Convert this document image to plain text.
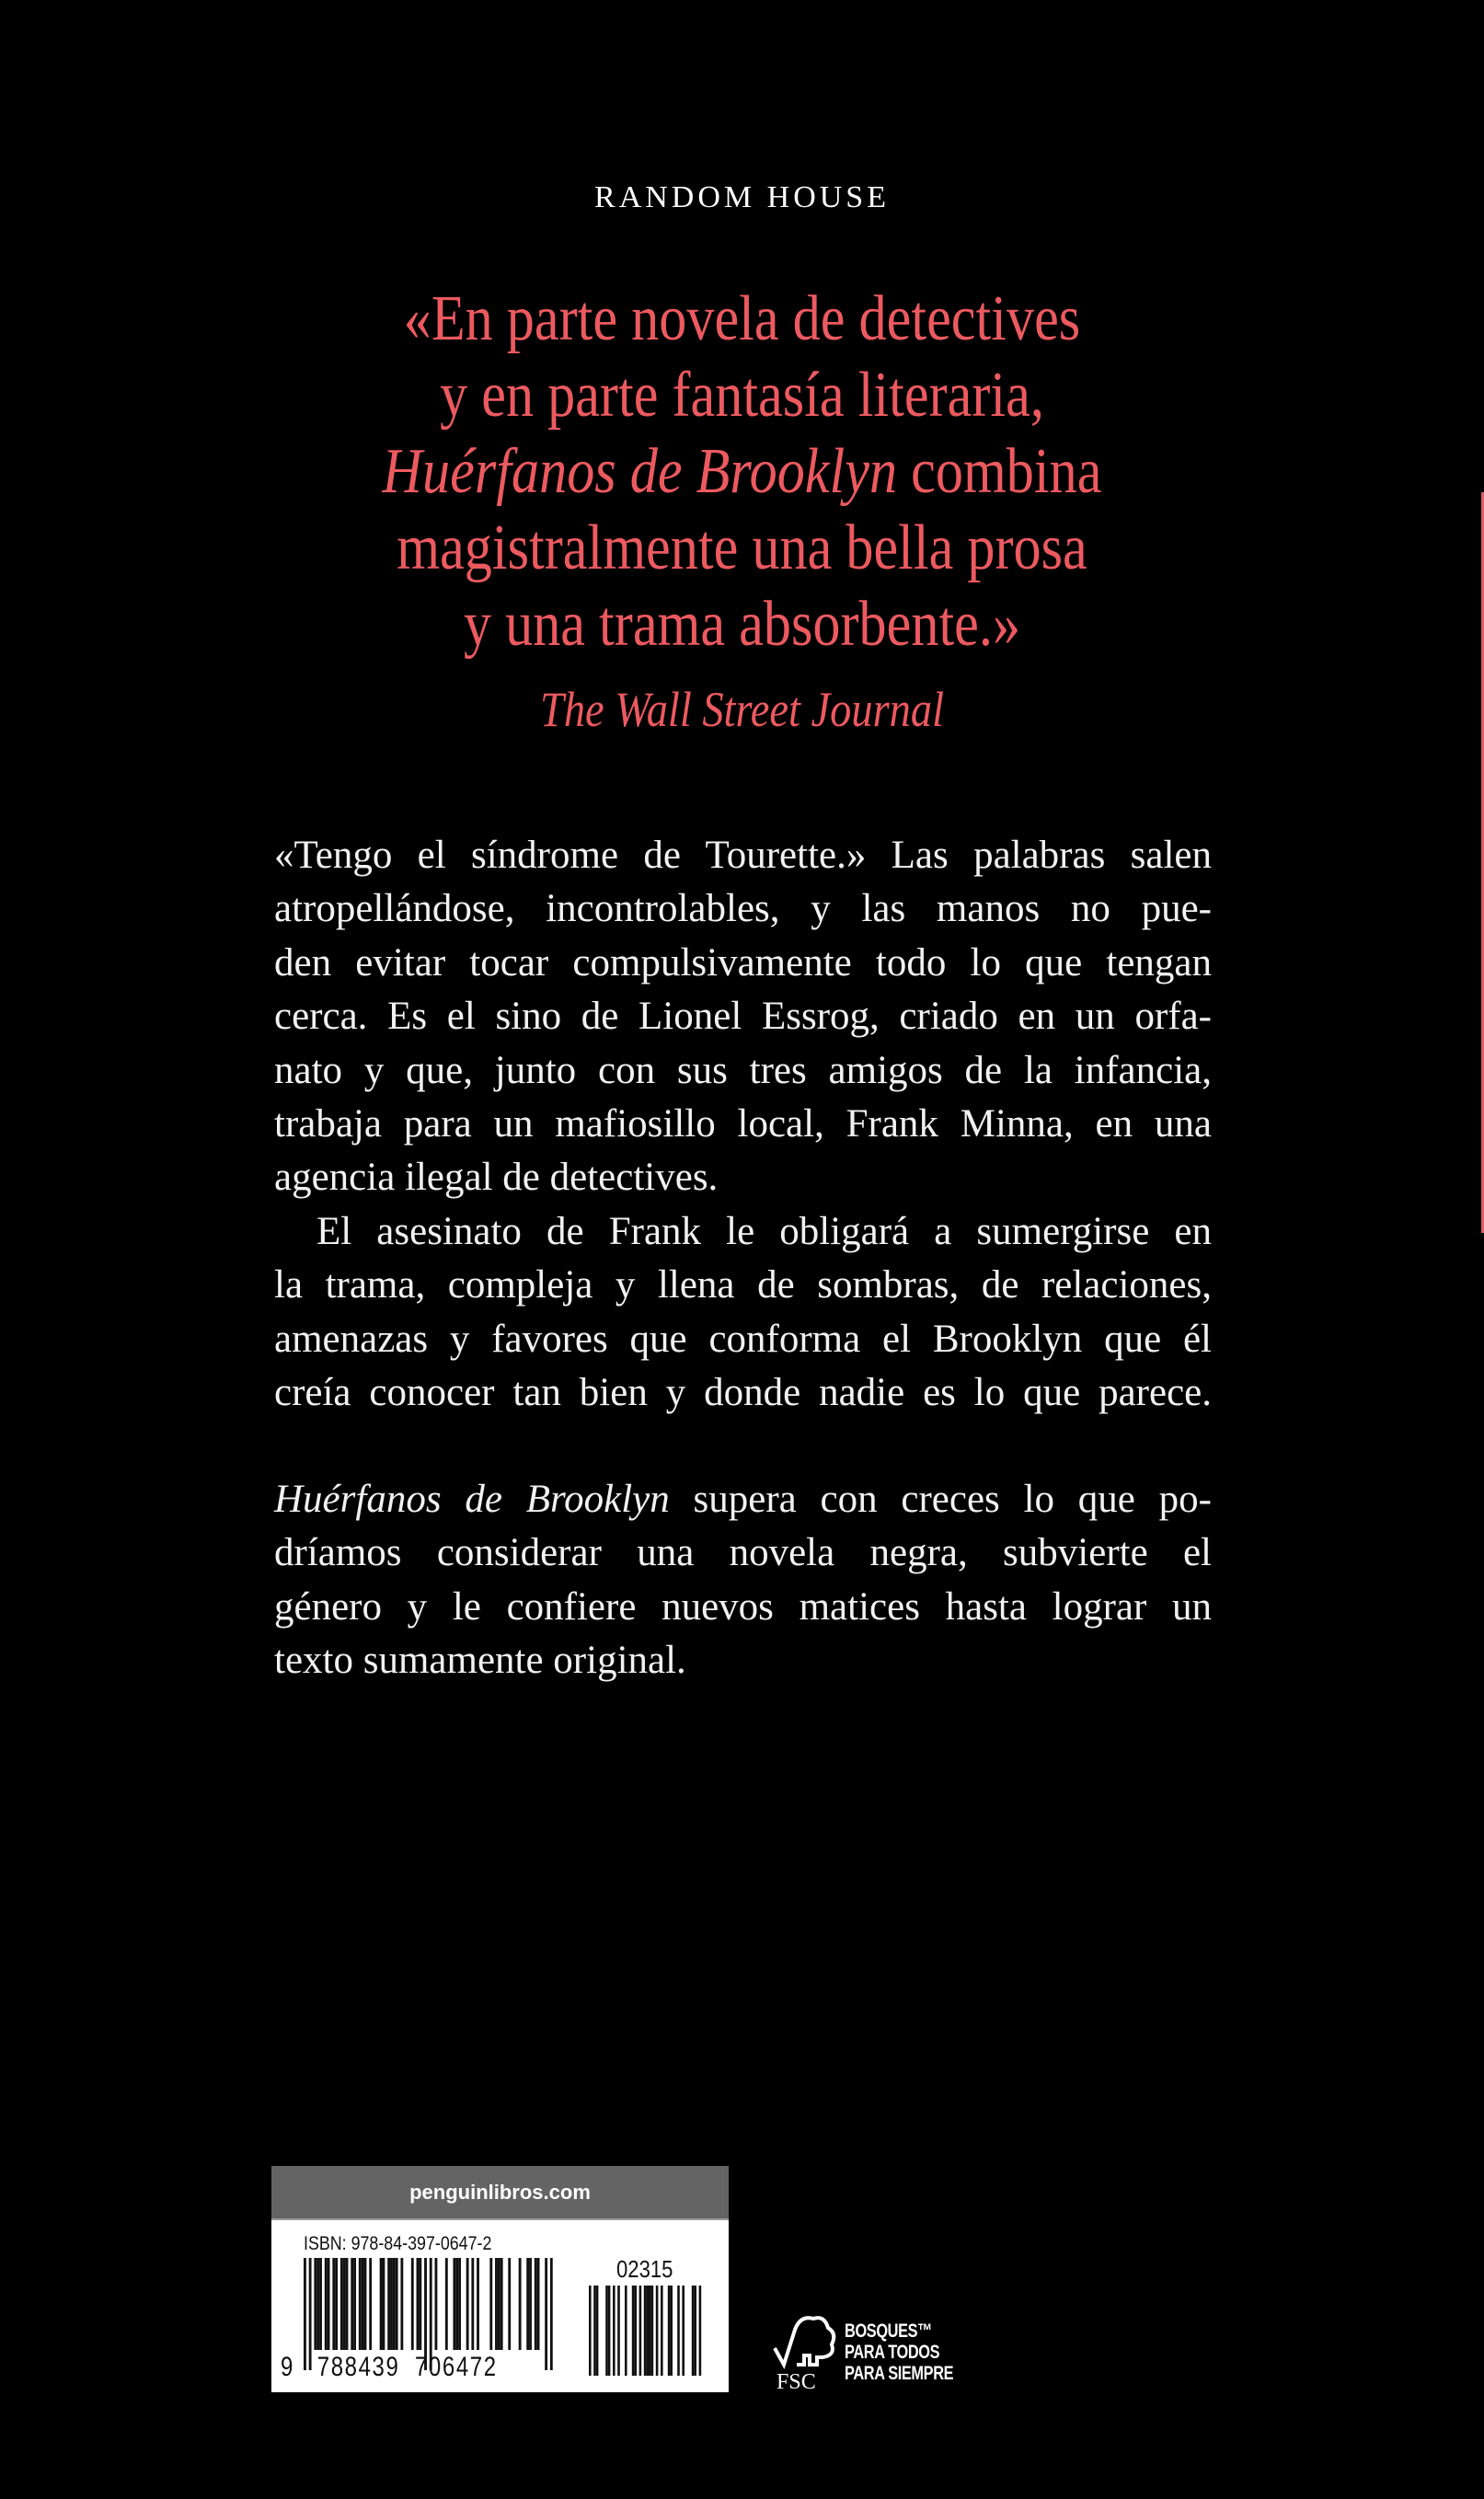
RANDOM HOUSE
«En parte novela de detectives
y en parte fantasía literaria,
Huérfanos de Brooklyn combina
magistralmente una bella prosa
y una trama absorbente.»
The Wall Street Journal
«Tengo el síndrome de Tourette.» Las palabras salen
atropellándose, incontrolables, y las manos no pue-
den evitar tocar compulsivamente todo lo que tengan
cerca. Es el sino de Lionel Essrog, criado en un orfa-
nato y que, junto con sus tres amigos de la infancia,
trabaja para un mafiosillo local, Frank Minna, en una
agencia ilegal de detectives.
El asesinato de Frank le obligará a sumergirse en
la trama, compleja y llena de sombras, de relaciones,
amenazas y favores que conforma el Brooklyn que él
creía conocer tan bien y donde nadie es lo que parece.
Huérfanos de Brooklyn supera con creces lo que po-
dríamos considerar una novela negra, subvierte el
género y le confiere nuevos matices hasta lograr un
texto sumamente original.
penguinlibros.com
ISBN: 978-84-397-0647-2
02315
9 788439 706472	FSC
BOSQUES™
PARA TODOS
PARA SIEMPRE
